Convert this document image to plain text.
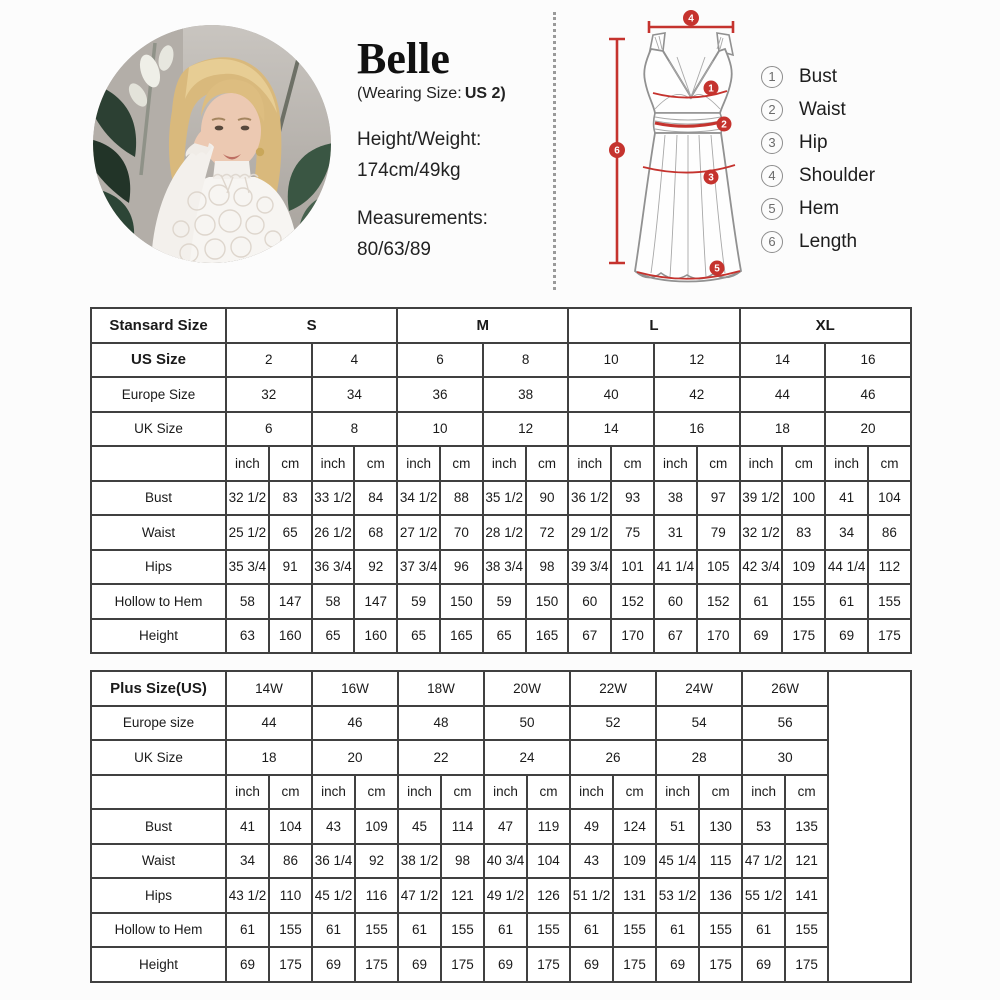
Belle
(Wearing Size:  US 2)
Height/Weight:
174cm/49kg
Measurements:
80/63/89
4
6
1
2
3
5
1	Bust
2	Waist
3	Hip
4	Shoulder
5	Hem
6	Length
Stansard Size	S				M				L				XL			
US Size	2		4		6		8		10		12		14		16	
Europe Size	32		34		36		38		40		42		44		46	
UK Size	6		8		10		12		14		16		18		20	
	inch	cm	inch	cm	inch	cm	inch	cm	inch	cm	inch	cm	inch	cm	inch	cm
Bust	32 1/2	83	33 1/2	84	34 1/2	88	35 1/2	90	36 1/2	93	38	97	39 1/2	100	41	104
Waist	25 1/2	65	26 1/2	68	27 1/2	70	28 1/2	72	29 1/2	75	31	79	32 1/2	83	34	86
Hips	35 3/4	91	36 3/4	92	37 3/4	96	38 3/4	98	39 3/4	101	41 1/4	105	42 3/4	109	44 1/4	112
Hollow to Hem	58	147	58	147	59	150	59	150	60	152	60	152	61	155	61	155
Height	63	160	65	160	65	165	65	165	67	170	67	170	69	175	69	175
Plus Size(US)	14W		16W		18W		20W		22W		24W		26W		
Europe size	44		46		48		50		52		54		56		
UK Size	18		20		22		24		26		28		30		
	inch	cm	inch	cm	inch	cm	inch	cm	inch	cm	inch	cm	inch	cm	
Bust	41	104	43	109	45	114	47	119	49	124	51	130	53	135	
Waist	34	86	36 1/4	92	38 1/2	98	40 3/4	104	43	109	45 1/4	115	47 1/2	121	
Hips	43 1/2	110	45 1/2	116	47 1/2	121	49 1/2	126	51 1/2	131	53 1/2	136	55 1/2	141	
Hollow to Hem	61	155	61	155	61	155	61	155	61	155	61	155	61	155	
Height	69	175	69	175	69	175	69	175	69	175	69	175	69	175	
